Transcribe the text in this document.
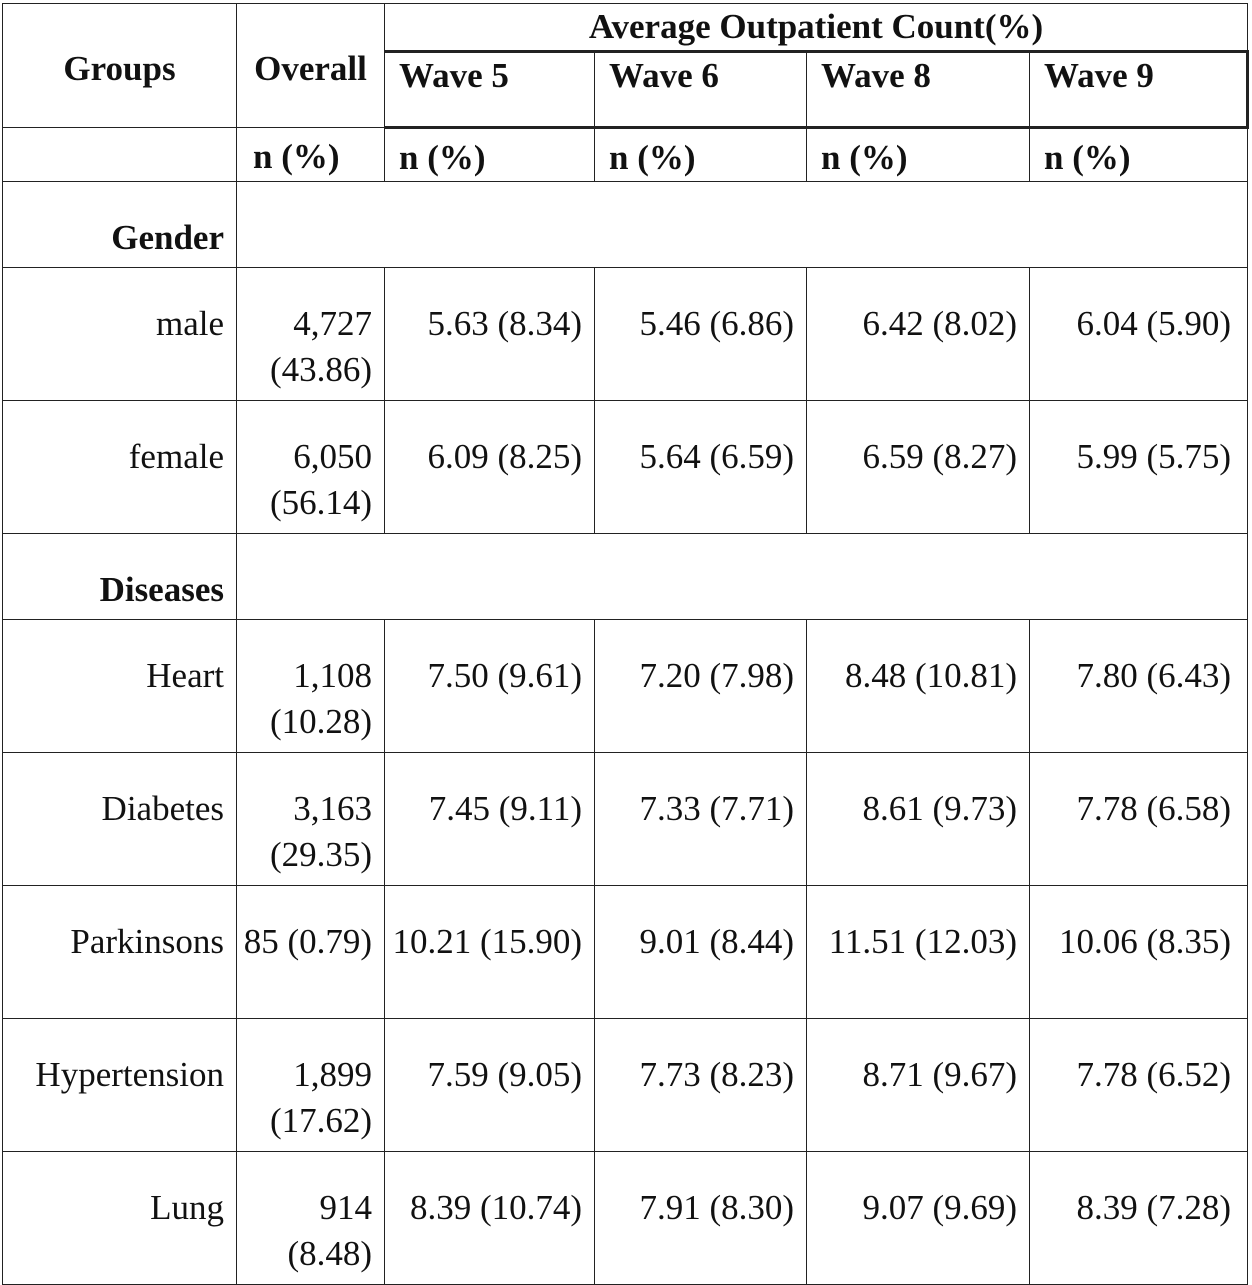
Groups	Overall	Average Outpatient Count(%)			
		Wave 5	Wave 6	Wave 8	Wave 9
	n (%)	n (%)	n (%)	n (%)	n (%)
Gender					
male	4,727 (43.86)	5.63 (8.34)	5.46 (6.86)	6.42 (8.02)	6.04 (5.90)
female	6,050 (56.14)	6.09 (8.25)	5.64 (6.59)	6.59 (8.27)	5.99 (5.75)
Diseases					
Heart	1,108 (10.28)	7.50 (9.61)	7.20 (7.98)	8.48 (10.81)	7.80 (6.43)
Diabetes	3,163 (29.35)	7.45 (9.11)	7.33 (7.71)	8.61 (9.73)	7.78 (6.58)
Parkinsons	85 (0.79)	10.21 (15.90)	9.01 (8.44)	11.51 (12.03)	10.06 (8.35)
Hypertension	1,899 (17.62)	7.59 (9.05)	7.73 (8.23)	8.71 (9.67)	7.78 (6.52)
Lung	914 (8.48)	8.39 (10.74)	7.91 (8.30)	9.07 (9.69)	8.39 (7.28)
